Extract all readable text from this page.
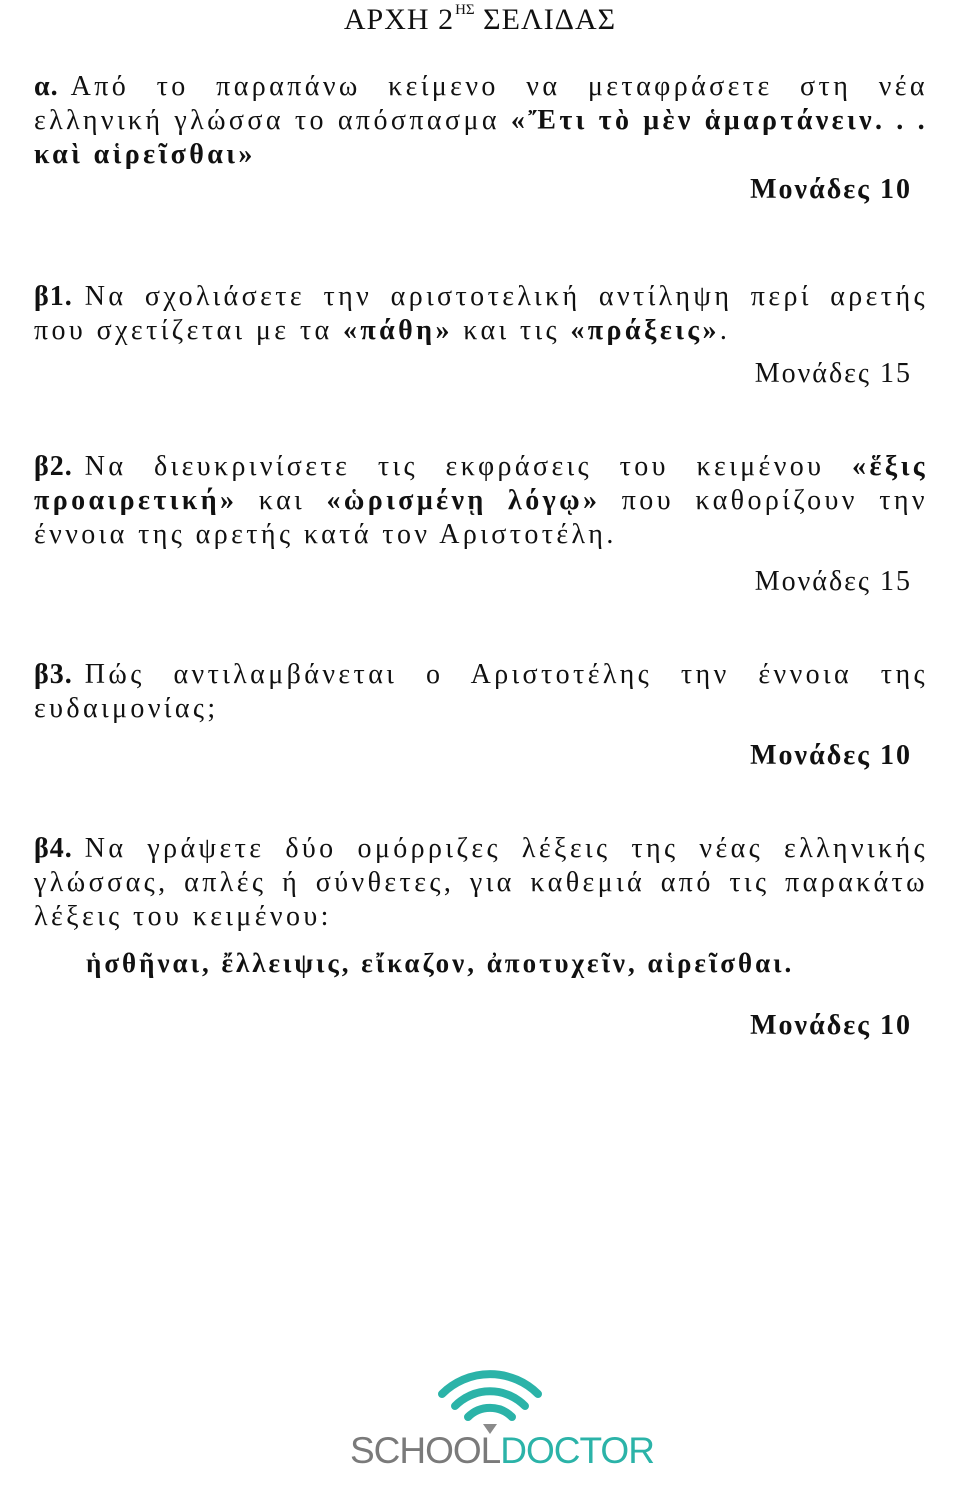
ΑΡΧΗ $2^{H\Sigma}$ ΣΕΛΙΔΑΣ
α. Από το παραπάνω κείμενο να μεταφράσετε στη νέα ελληνική γλώσσα το απόσπασμα «Ἔτι τὸ μὲν ἁμαρτάνειν. . . καὶ αἱρεῖσθαι»
Μονάδες 10
β1. Να σχολιάσετε την αριστοτελική αντίληψη περί αρετής που σχετίζεται με τα «πάθη» και τις «πράξεις».
Μονάδες 15
β2. Να διευκρινίσετε τις εκφράσεις του κειμένου «ἕξις προαιρετική» και «ὡρισμένῃ λόγῳ» που καθορίζουν την έννοια της αρετής κατά τον Αριστοτέλη.
Μονάδες 15
β3. Πώς αντιλαμβάνεται ο Αριστοτέλης την έννοια της ευδαιμονίας;
Μονάδες 10
β4. Να γράψετε δύο ομόρριζες λέξεις της νέας ελληνικής γλώσσας, απλές ή σύνθετες, για καθεμιά από τις παρακάτω λέξεις του κειμένου:
ἡσθῆναι, ἔλλειψις, εἴκαζον, ἀποτυχεῖν, αἱρεῖσθαι.
Μονάδες 10
SCHOOLDOCTOR
